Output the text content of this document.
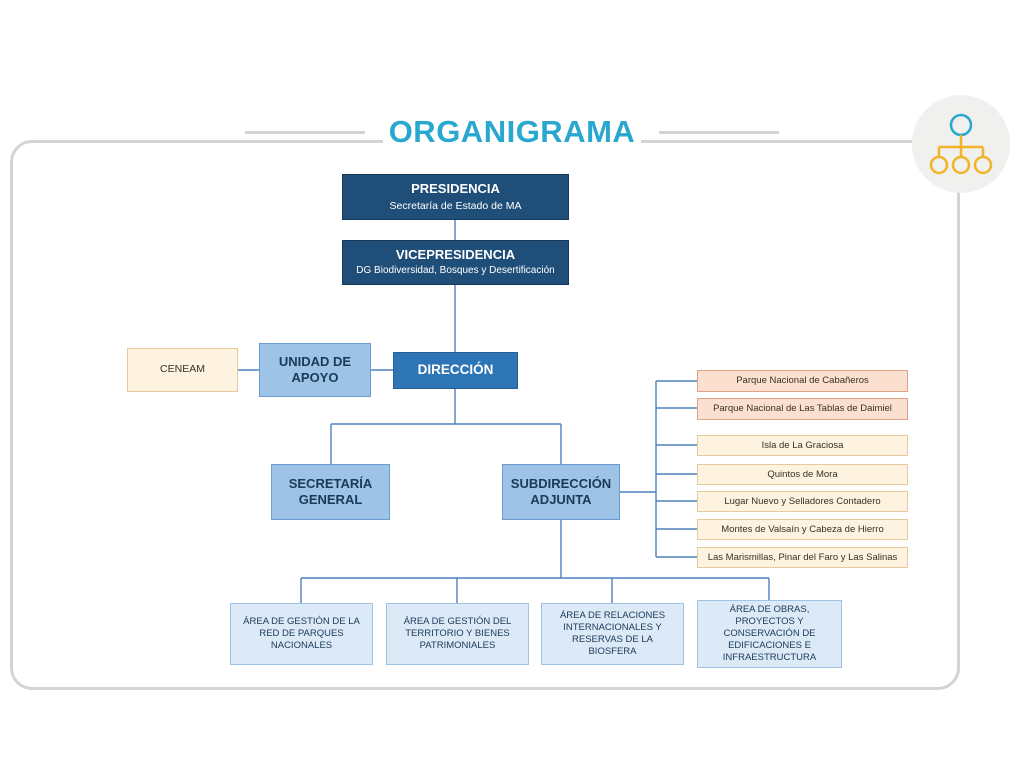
ORGANIGRAMA
PRESIDENCIA
Secretaría de Estado de MA
VICEPRESIDENCIA
DG Biodiversidad, Bosques y Desertificación
DIRECCIÓN
UNIDAD DE APOYO
CENEAM
SECRETARÍA GENERAL
SUBDIRECCIÓN ADJUNTA
Parque Nacional de Cabañeros
Parque Nacional de Las Tablas de Daimiel
Isla de La Graciosa
Quintos de Mora
Lugar Nuevo y Selladores Contadero
Montes de Valsaín y Cabeza de Hierro
Las Marismillas, Pinar del Faro y Las Salinas
ÁREA DE GESTIÓN DE LA RED DE PARQUES NACIONALES
ÁREA DE GESTIÓN DEL TERRITORIO Y BIENES PATRIMONIALES
ÁREA DE RELACIONES INTERNACIONALES Y RESERVAS DE LA BIOSFERA
ÁREA DE OBRAS, PROYECTOS Y CONSERVACIÓN DE EDIFICACIONES E INFRAESTRUCTURA
